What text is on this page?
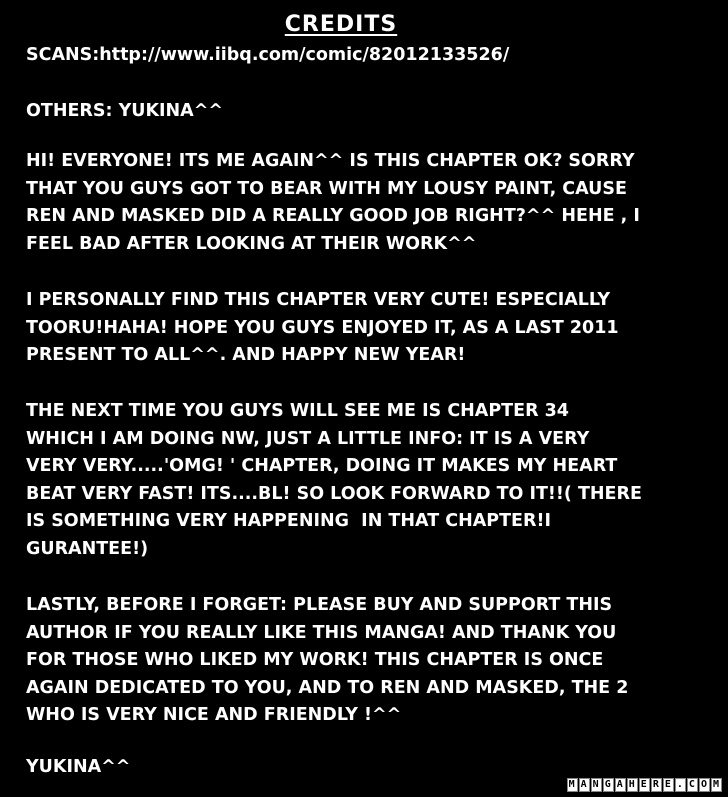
CREDITS
SCANS:http://www.iibq.com/comic/82012133526/
OTHERS: YUKINA^^
HI! EVERYONE! ITS ME AGAIN^^ IS THIS CHAPTER OK? SORRY
THAT YOU GUYS GOT TO BEAR WITH MY LOUSY PAINT, CAUSE
REN AND MASKED DID A REALLY GOOD JOB RIGHT?^^ HEHE , I
FEEL BAD AFTER LOOKING AT THEIR WORK^^
I PERSONALLY FIND THIS CHAPTER VERY CUTE! ESPECIALLY
TOORU!HAHA! HOPE YOU GUYS ENJOYED IT, AS A LAST 2011
PRESENT TO ALL^^. AND HAPPY NEW YEAR!
THE NEXT TIME YOU GUYS WILL SEE ME IS CHAPTER 34
WHICH I AM DOING NW, JUST A LITTLE INFO: IT IS A VERY
VERY VERY.....'OMG! ' CHAPTER, DOING IT MAKES MY HEART
BEAT VERY FAST! ITS....BL! SO LOOK FORWARD TO IT!!( THERE
IS SOMETHING VERY HAPPENING  IN THAT CHAPTER!I
GURANTEE!)
LASTLY, BEFORE I FORGET: PLEASE BUY AND SUPPORT THIS
AUTHOR IF YOU REALLY LIKE THIS MANGA! AND THANK YOU
FOR THOSE WHO LIKED MY WORK! THIS CHAPTER IS ONCE
AGAIN DEDICATED TO YOU, AND TO REN AND MASKED, THE 2
WHO IS VERY NICE AND FRIENDLY !^^
YUKINA^^
M A N G A H E R E . C O M
